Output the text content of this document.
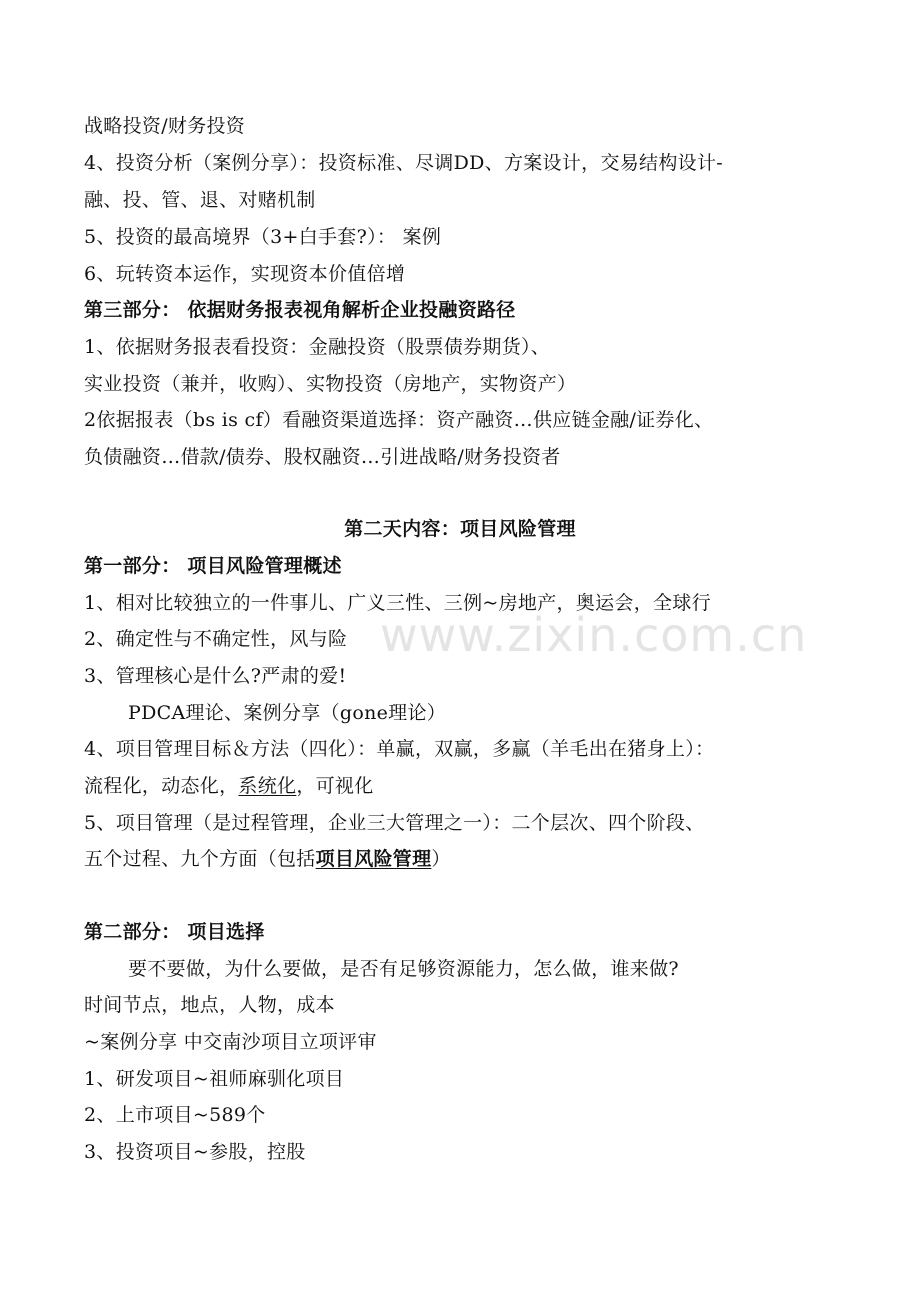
战略投资/财务投资
4、投资分析（案例分享）：投资标准、尽调DD、方案设计，交易结构设计-
融、投、管、退、对赌机制
5、投资的最高境界（3+白手套?）： 案例
6、玩转资本运作，实现资本价值倍增
第三部分： 依据财务报表视角解析企业投融资路径
1、依据财务报表看投资：金融投资（股票债券期货）、
实业投资（兼并，收购）、实物投资（房地产，实物资产）
2依据报表（bs is cf）看融资渠道选择：资产融资…供应链金融/证券化、
负债融资…借款/债券、股权融资…引进战略/财务投资者
第二天内容：项目风险管理
第一部分： 项目风险管理概述
1、相对比较独立的一件事儿、广义三性、三例~房地产，奥运会，全球行
2、确定性与不确定性，风与险
3、管理核心是什么?严肃的爱!
PDCA理论、案例分享（gone理论）
4、项目管理目标＆方法（四化）：单赢，双赢，多赢（羊毛出在猪身上）：
流程化，动态化，系统化，可视化
5、项目管理（是过程管理，企业三大管理之一）：二个层次、四个阶段、
五个过程、九个方面（包括项目风险管理）
第二部分： 项目选择
要不要做，为什么要做，是否有足够资源能力，怎么做，谁来做?
时间节点，地点，人物，成本
~案例分享 中交南沙项目立项评审
1、研发项目~祖师麻驯化项目
2、上市项目~589个
3、投资项目~参股，控股
www.zixin.com.cn
